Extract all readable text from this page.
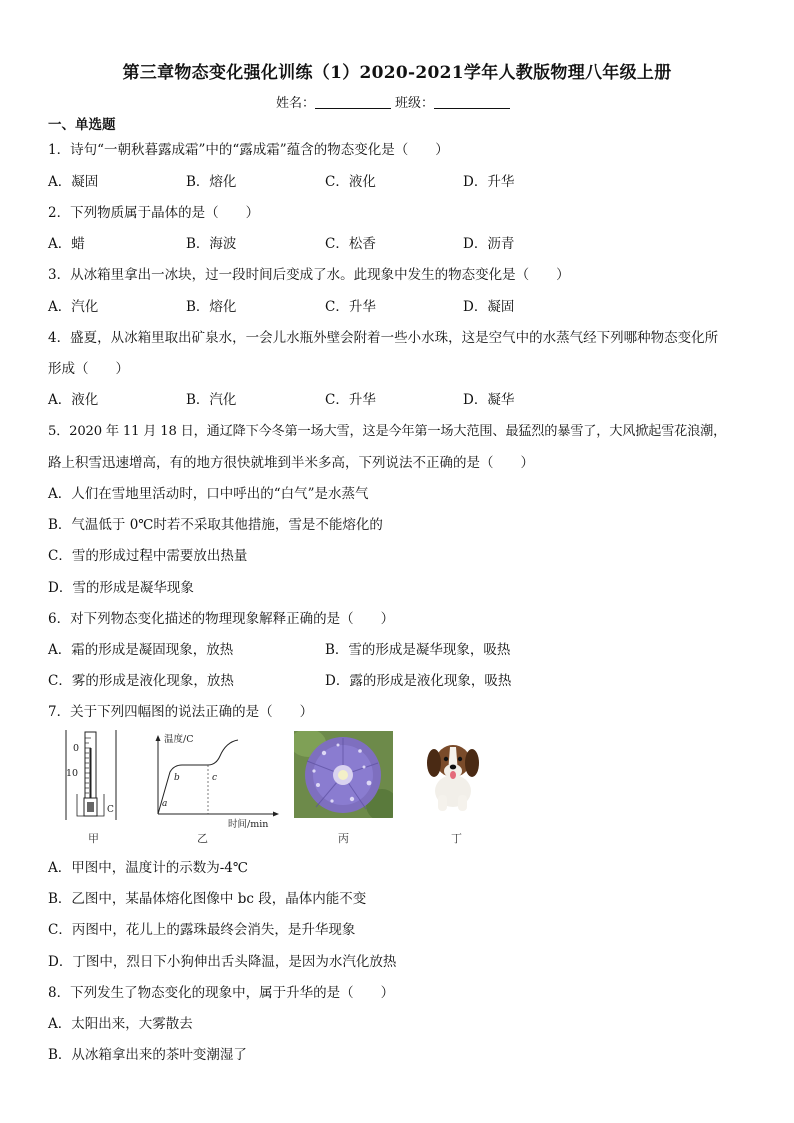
第三章物态变化强化训练（1）2020-2021学年人教版物理八年级上册
姓名：	班级：
一、单选题
1．诗句“一朝秋暮露成霜”中的“露成霜”蕴含的物态变化是（　　）
A．凝固	B．熔化	C．液化	D．升华
2．下列物质属于晶体的是（　　）
A．蜡	B．海波	C．松香	D．沥青
3．从冰箱里拿出一冰块，过一段时间后变成了水。此现象中发生的物态变化是（　　）
A．汽化	B．熔化	C．升华	D．凝固
4．盛夏，从冰箱里取出矿泉水，一会儿水瓶外壁会附着一些小水珠，这是空气中的水蒸气经下列哪种物态变化所
形成（　　）
A．液化	B．汽化	C．升华	D．凝华
5．2020 年 11 月 18 日，通辽降下今冬第一场大雪，这是今年第一场大范围、最猛烈的暴雪了，大风掀起雪花浪潮，
路上积雪迅速增高，有的地方很快就堆到半米多高，下列说法不正确的是（　　）
A．人们在雪地里活动时，口中呼出的“白气”是水蒸气
B．气温低于 0℃时若不采取其他措施，雪是不能熔化的
C．雪的形成过程中需要放出热量
D．雪的形成是凝华现象
6．对下列物态变化描述的物理现象解释正确的是（　　）
A．霜的形成是凝固现象，放热	B．雪的形成是凝华现象，吸热
C．雾的形成是液化现象，放热	D．露的形成是液化现象，吸热
7．关于下列四幅图的说法正确的是（　　）
0
10
C
甲
温度/C
a
b	c
时间/min
乙	丙	丁
A．甲图中，温度计的示数为-4℃
B．乙图中，某晶体熔化图像中 bc 段，晶体内能不变
C．丙图中，花儿上的露珠最终会消失，是升华现象
D．丁图中，烈日下小狗伸出舌头降温，是因为水汽化放热
8．下列发生了物态变化的现象中，属于升华的是（　　）
A．太阳出来，大雾散去
B．从冰箱拿出来的茶叶变潮湿了
